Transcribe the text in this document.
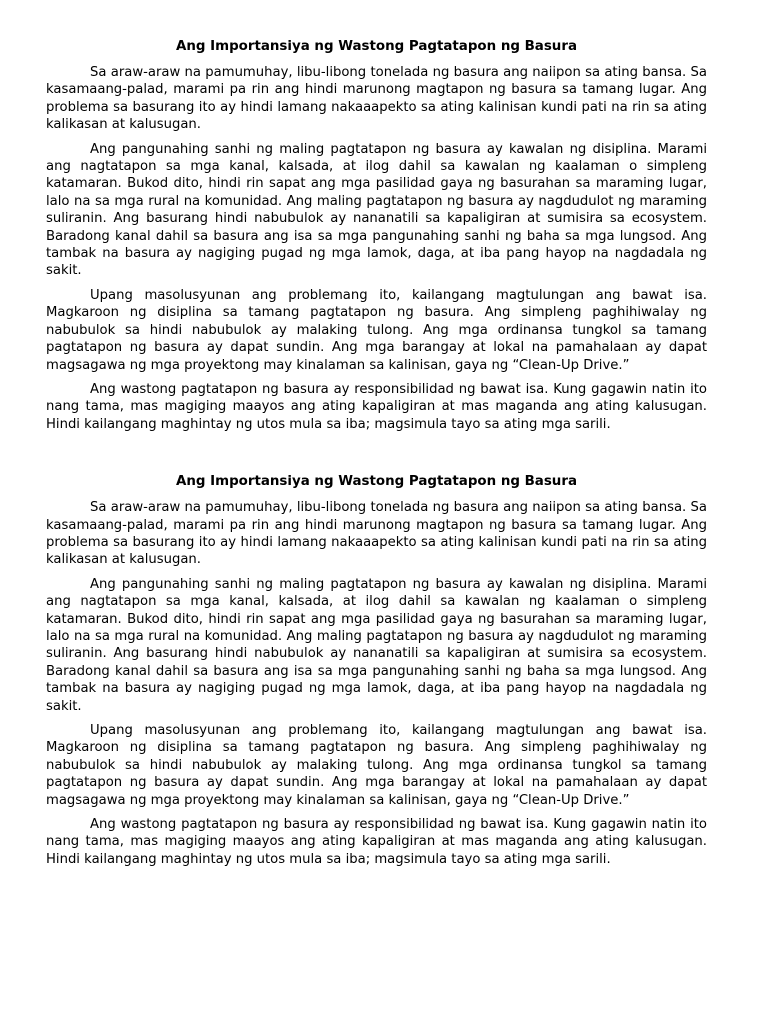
Ang Importansiya ng Wastong Pagtatapon ng Basura

Sa araw-araw na pamumuhay, libu-libong tonelada ng basura ang naiipon sa ating bansa. Sa kasamaang-palad, marami pa rin ang hindi marunong magtapon ng basura sa tamang lugar. Ang problema sa basurang ito ay hindi lamang nakaaapekto sa ating kalinisan kundi pati na rin sa ating kalikasan at kalusugan.

Ang pangunahing sanhi ng maling pagtatapon ng basura ay kawalan ng disiplina. Marami ang nagtatapon sa mga kanal, kalsada, at ilog dahil sa kawalan ng kaalaman o simpleng katamaran. Bukod dito, hindi rin sapat ang mga pasilidad gaya ng basurahan sa maraming lugar, lalo na sa mga rural na komunidad. Ang maling pagtatapon ng basura ay nagdudulot ng maraming suliranin. Ang basurang hindi nabubulok ay nananatili sa kapaligiran at sumisira sa ecosystem. Baradong kanal dahil sa basura ang isa sa mga pangunahing sanhi ng baha sa mga lungsod. Ang tambak na basura ay nagiging pugad ng mga lamok, daga, at iba pang hayop na nagdadala ng sakit.

Upang masolusyunan ang problemang ito, kailangang magtulungan ang bawat isa. Magkaroon ng disiplina sa tamang pagtatapon ng basura. Ang simpleng paghihiwalay ng nabubulok sa hindi nabubulok ay malaking tulong. Ang mga ordinansa tungkol sa tamang pagtatapon ng basura ay dapat sundin. Ang mga barangay at lokal na pamahalaan ay dapat magsagawa ng mga proyektong may kinalaman sa kalinisan, gaya ng “Clean-Up Drive.”

Ang wastong pagtatapon ng basura ay responsibilidad ng bawat isa. Kung gagawin natin ito nang tama, mas magiging maayos ang ating kapaligiran at mas maganda ang ating kalusugan. Hindi kailangang maghintay ng utos mula sa iba; magsimula tayo sa ating mga sarili.

Ang Importansiya ng Wastong Pagtatapon ng Basura

Sa araw-araw na pamumuhay, libu-libong tonelada ng basura ang naiipon sa ating bansa. Sa kasamaang-palad, marami pa rin ang hindi marunong magtapon ng basura sa tamang lugar. Ang problema sa basurang ito ay hindi lamang nakaaapekto sa ating kalinisan kundi pati na rin sa ating kalikasan at kalusugan.

Ang pangunahing sanhi ng maling pagtatapon ng basura ay kawalan ng disiplina. Marami ang nagtatapon sa mga kanal, kalsada, at ilog dahil sa kawalan ng kaalaman o simpleng katamaran. Bukod dito, hindi rin sapat ang mga pasilidad gaya ng basurahan sa maraming lugar, lalo na sa mga rural na komunidad. Ang maling pagtatapon ng basura ay nagdudulot ng maraming suliranin. Ang basurang hindi nabubulok ay nananatili sa kapaligiran at sumisira sa ecosystem. Baradong kanal dahil sa basura ang isa sa mga pangunahing sanhi ng baha sa mga lungsod. Ang tambak na basura ay nagiging pugad ng mga lamok, daga, at iba pang hayop na nagdadala ng sakit.

Upang masolusyunan ang problemang ito, kailangang magtulungan ang bawat isa. Magkaroon ng disiplina sa tamang pagtatapon ng basura. Ang simpleng paghihiwalay ng nabubulok sa hindi nabubulok ay malaking tulong. Ang mga ordinansa tungkol sa tamang pagtatapon ng basura ay dapat sundin. Ang mga barangay at lokal na pamahalaan ay dapat magsagawa ng mga proyektong may kinalaman sa kalinisan, gaya ng “Clean-Up Drive.”

Ang wastong pagtatapon ng basura ay responsibilidad ng bawat isa. Kung gagawin natin ito nang tama, mas magiging maayos ang ating kapaligiran at mas maganda ang ating kalusugan. Hindi kailangang maghintay ng utos mula sa iba; magsimula tayo sa ating mga sarili.
